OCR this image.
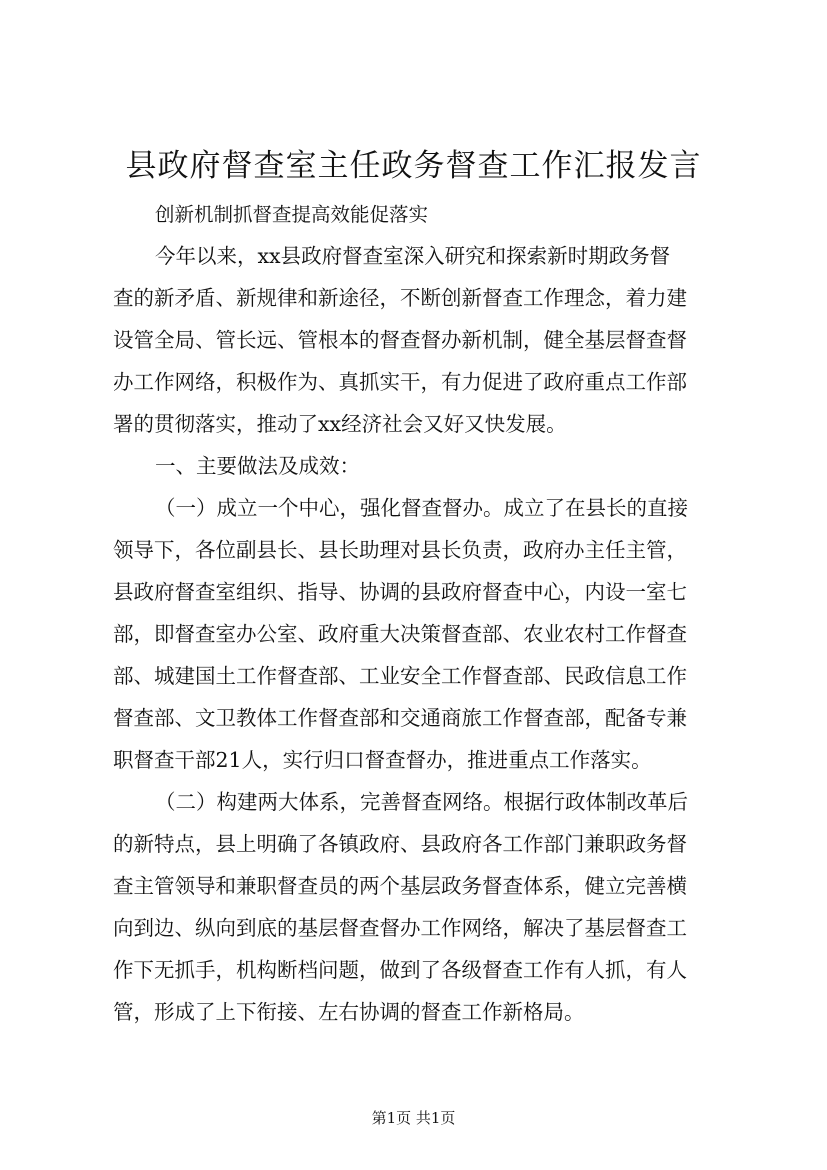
县政府督查室主任政务督查工作汇报发言

创新机制抓督查提高效能促落实

今年以来，xx县政府督查室深入研究和探索新时期政务督

查的新矛盾、新规律和新途径，不断创新督查工作理念，着力建

设管全局、管长远、管根本的督查督办新机制，健全基层督查督

办工作网络，积极作为、真抓实干，有力促进了政府重点工作部

署的贯彻落实，推动了xx经济社会又好又快发展。

一、主要做法及成效：

（一）成立一个中心，强化督查督办。成立了在县长的直接

领导下，各位副县长、县长助理对县长负责，政府办主任主管，

县政府督查室组织、指导、协调的县政府督查中心，内设一室七

部，即督查室办公室、政府重大决策督查部、农业农村工作督查

部、城建国土工作督查部、工业安全工作督查部、民政信息工作

督查部、文卫教体工作督查部和交通商旅工作督查部，配备专兼

职督查干部21人，实行归口督查督办，推进重点工作落实。

（二）构建两大体系，完善督查网络。根据行政体制改革后

的新特点，县上明确了各镇政府、县政府各工作部门兼职政务督

查主管领导和兼职督查员的两个基层政务督查体系，健立完善横

向到边、纵向到底的基层督查督办工作网络，解决了基层督查工

作下无抓手，机构断档问题，做到了各级督查工作有人抓，有人

管，形成了上下衔接、左右协调的督查工作新格局。

第1页 共1页
